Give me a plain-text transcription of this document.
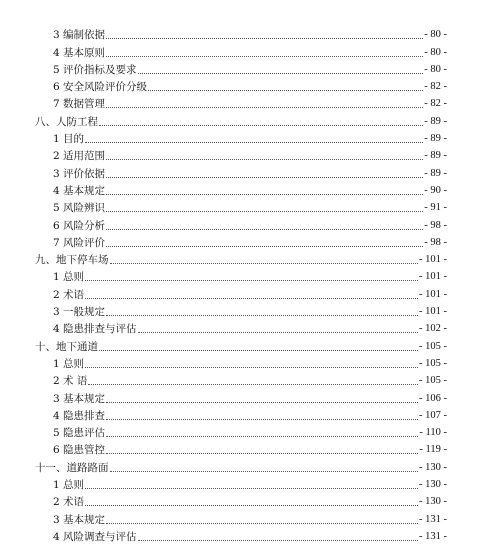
3 编制依据	- 80 -
4 基本原则	- 80 -
5 评价指标及要求	- 80 -
6 安全风险评价分级	- 82 -
7 数据管理	- 82 -
八、人防工程	- 89 -
1 目的	- 89 -
2 适用范围	- 89 -
3 评价依据	- 89 -
4 基本规定	- 90 -
5 风险辨识	- 91 -
6 风险分析	- 98 -
7 风险评价	- 98 -
九、地下停车场	- 101 -
1 总则	- 101 -
2 术语	- 101 -
3 一般规定	- 101 -
4 隐患排查与评估	- 102 -
十、地下通道	- 105 -
1 总则	- 105 -
2 术 语	- 105 -
3 基本规定	- 106 -
4 隐患排查	- 107 -
5 隐患评估	- 110 -
6 隐患管控	- 119 -
十一、道路路面	- 130 -
1 总则	- 130 -
2 术语	- 130 -
3 基本规定	- 131 -
4 风险调查与评估	- 131 -
